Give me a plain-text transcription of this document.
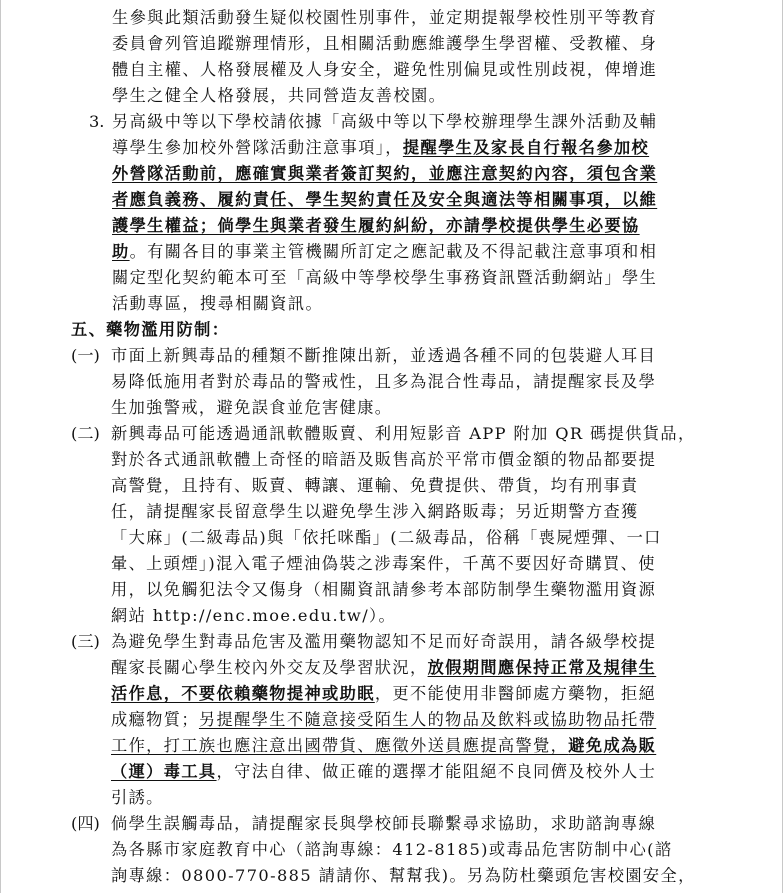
生參與此類活動發生疑似校園性別事件，並定期提報學校性別平等教育
委員會列管追蹤辦理情形，且相關活動應維護學生學習權、受教權、身
體自主權、人格發展權及人身安全，避免性別偏見或性別歧視，俾增進
學生之健全人格發展，共同營造友善校園。
3. 另高級中等以下學校請依據「高級中等以下學校辦理學生課外活動及輔
導學生參加校外營隊活動注意事項」，提醒學生及家長自行報名參加校
外營隊活動前，應確實與業者簽訂契約，並應注意契約內容，須包含業
者應負義務、履約責任、學生契約責任及安全與適法等相關事項，以維
護學生權益；倘學生與業者發生履約糾紛，亦請學校提供學生必要協
助。有關各目的事業主管機關所訂定之應記載及不得記載注意事項和相
關定型化契約範本可至「高級中等學校學生事務資訊暨活動網站」學生
活動專區，搜尋相關資訊。
五、藥物濫用防制：
(一) 市面上新興毒品的種類不斷推陳出新，並透過各種不同的包裝避人耳目
易降低施用者對於毒品的警戒性，且多為混合性毒品，請提醒家長及學
生加強警戒，避免誤食並危害健康。
(二) 新興毒品可能透過通訊軟體販賣、利用短影音 APP 附加 QR 碼提供貨品，
對於各式通訊軟體上奇怪的暗語及販售高於平常市價金額的物品都要提
高警覺，且持有、販賣、轉讓、運輸、免費提供、帶貨，均有刑事責
任，請提醒家長留意學生以避免學生涉入網路販毒；另近期警方查獲
「大麻」(二級毒品)與「依托咪酯」(二級毒品，俗稱「喪屍煙彈、一口
暈、上頭煙」)混入電子煙油偽裝之涉毒案件，千萬不要因好奇購買、使
用，以免觸犯法令又傷身（相關資訊請參考本部防制學生藥物濫用資源
網站 http://enc.moe.edu.tw/）。
(三) 為避免學生對毒品危害及濫用藥物認知不足而好奇誤用，請各級學校提
醒家長關心學生校內外交友及學習狀況，放假期間應保持正常及規律生
活作息，不要依賴藥物提神或助眠，更不能使用非醫師處方藥物，拒絕
成癮物質；另提醒學生不隨意接受陌生人的物品及飲料或協助物品托帶
工作，打工族也應注意出國帶貨、應徵外送員應提高警覺，避免成為販
（運）毒工具，守法自律、做正確的選擇才能阻絕不良同儕及校外人士
引誘。
(四) 倘學生誤觸毒品，請提醒家長與學校師長聯繫尋求協助，求助諮詢專線
為各縣市家庭教育中心（諮詢專線：412-8185)或毒品危害防制中心(諮
詢專線：0800-770-885 請請你、幫幫我)。另為防杜藥頭危害校園安全，
